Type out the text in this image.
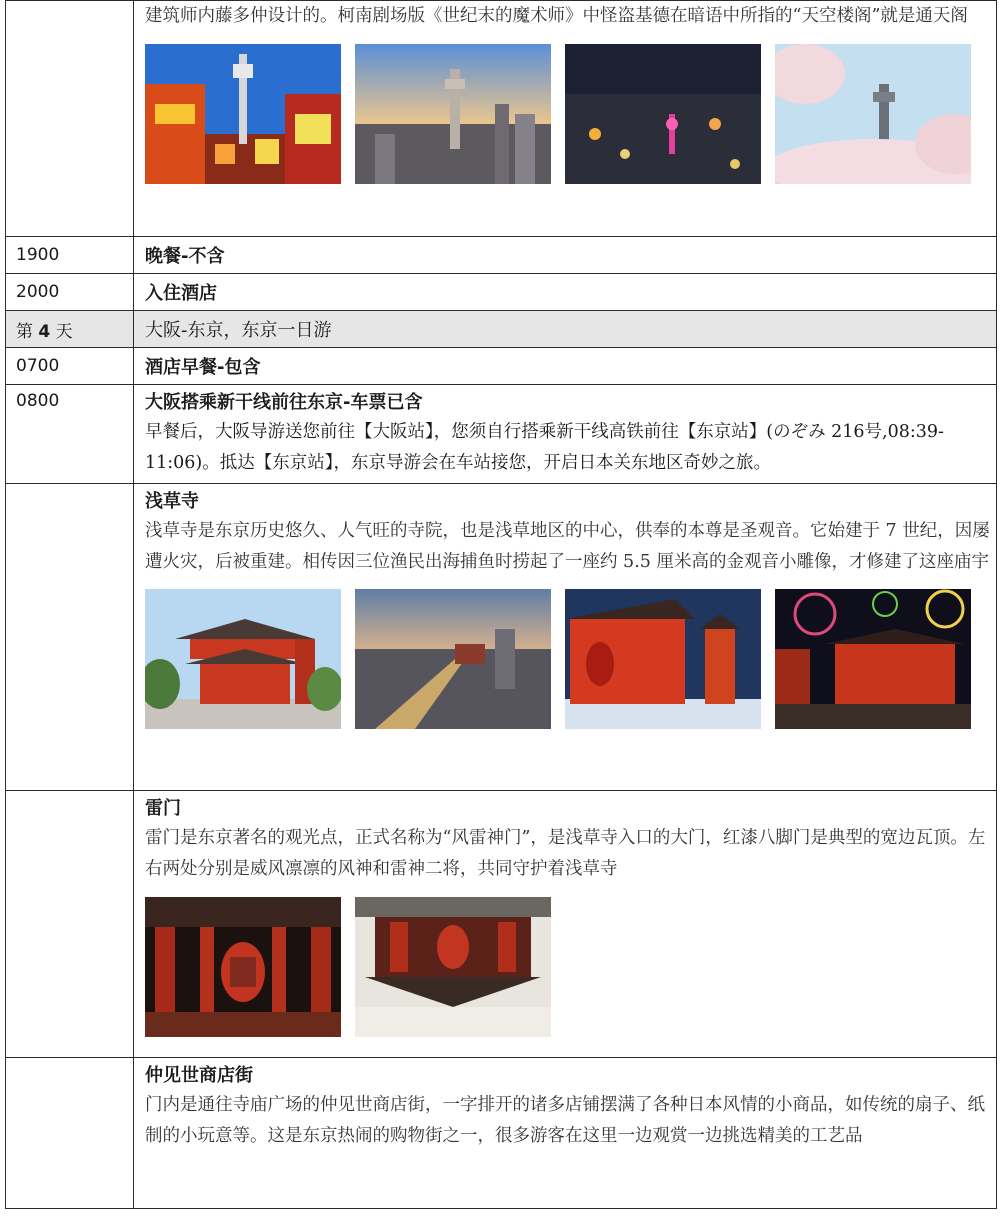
	建筑师内藤多仲设计的。柯南剧场版《世纪末的魔术师》中怪盗基德在暗语中所指的“天空楼阁”就是通天阁

1900	晚餐-不含
2000	入住酒店
第 4 天	大阪-东京，东京一日游
0700	酒店早餐-包含
0800	大阪搭乘新干线前往东京-车票已含

早餐后，大阪导游送您前往【大阪站】，您须自行搭乘新干线高铁前往【东京站】(のぞみ 216号,08:39-11:06)。抵达【东京站】，东京导游会在车站接您，开启日本关东地区奇妙之旅。

	浅草寺

浅草寺是东京历史悠久、人气旺的寺院，也是浅草地区的中心，供奉的本尊是圣观音。它始建于 7 世纪，因屡遭火灾，后被重建。相传因三位渔民出海捕鱼时捞起了一座约 5.5 厘米高的金观音小雕像，才修建了这座庙宇

	雷门

雷门是东京著名的观光点，正式名称为“风雷神门”，是浅草寺入口的大门，红漆八脚门是典型的宽边瓦顶。左右两处分别是威风凛凛的风神和雷神二将，共同守护着浅草寺

	仲见世商店街

门内是通往寺庙广场的仲见世商店街，一字排开的诸多店铺摆满了各种日本风情的小商品，如传统的扇子、纸制的小玩意等。这是东京热闹的购物街之一，很多游客在这里一边观赏一边挑选精美的工艺品
